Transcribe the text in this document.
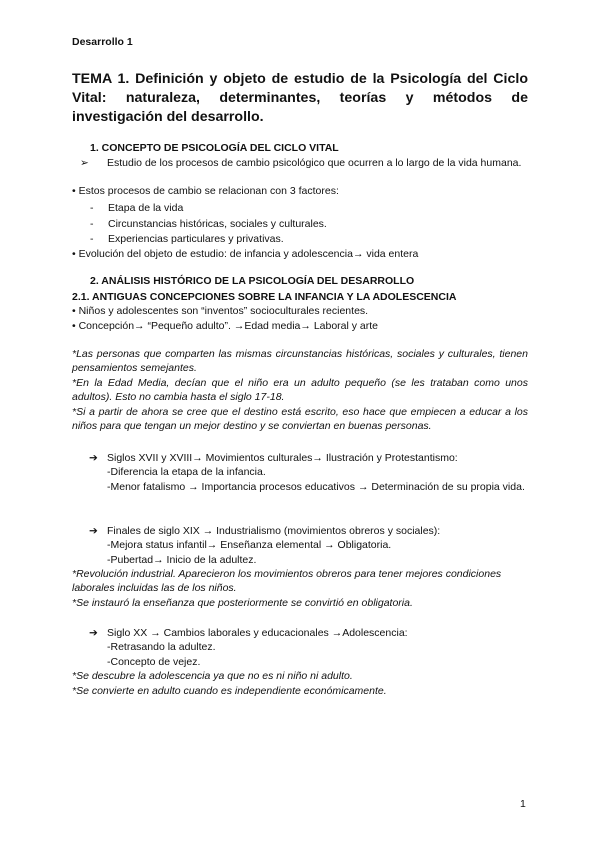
Desarrollo 1
TEMA 1. Definición y objeto de estudio de la Psicología del Ciclo Vital: naturaleza, determinantes, teorías y métodos de investigación del desarrollo.
1. CONCEPTO DE PSICOLOGÍA DEL CICLO VITAL
➢ Estudio de los procesos de cambio psicológico que ocurren a lo largo de la vida humana.
• Estos procesos de cambio se relacionan con 3 factores:
- Etapa de la vida
- Circunstancias históricas, sociales y culturales.
- Experiencias particulares y privativas.
• Evolución del objeto de estudio: de infancia y adolescencia→ vida entera
2. ANÁLISIS HISTÓRICO DE LA PSICOLOGÍA DEL DESARROLLO
2.1. ANTIGUAS CONCEPCIONES SOBRE LA INFANCIA Y LA ADOLESCENCIA
• Niños y adolescentes son “inventos” socioculturales recientes.
• Concepción→ “Pequeño adulto”. →Edad media→ Laboral y arte
*Las personas que comparten las mismas circunstancias históricas, sociales y culturales, tienen pensamientos semejantes.
*En la Edad Media, decían que el niño era un adulto pequeño (se les trataban como unos adultos). Esto no cambia hasta el siglo 17-18.
*Si a partir de ahora se cree que el destino está escrito, eso hace que empiecen a educar a los niños para que tengan un mejor destino y se conviertan en buenas personas.
➔ Siglos XVII y XVIII→ Movimientos culturales→ Ilustración y Protestantismo:
-Diferencia la etapa de la infancia.
-Menor fatalismo → Importancia procesos educativos → Determinación de su propia vida.
➔ Finales de siglo XIX → Industrialismo (movimientos obreros y sociales):
-Mejora status infantil→ Enseñanza elemental → Obligatoria.
-Pubertad→ Inicio de la adultez.
*Revolución industrial. Aparecieron los movimientos obreros para tener mejores condiciones laborales incluidas las de los niños.
*Se instauró la enseñanza que posteriormente se convirtió en obligatoria.
➔ Siglo XX → Cambios laborales y educacionales →Adolescencia:
-Retrasando la adultez.
-Concepto de vejez.
*Se descubre la adolescencia ya que no es ni niño ni adulto.
*Se convierte en adulto cuando es independiente económicamente.
1
